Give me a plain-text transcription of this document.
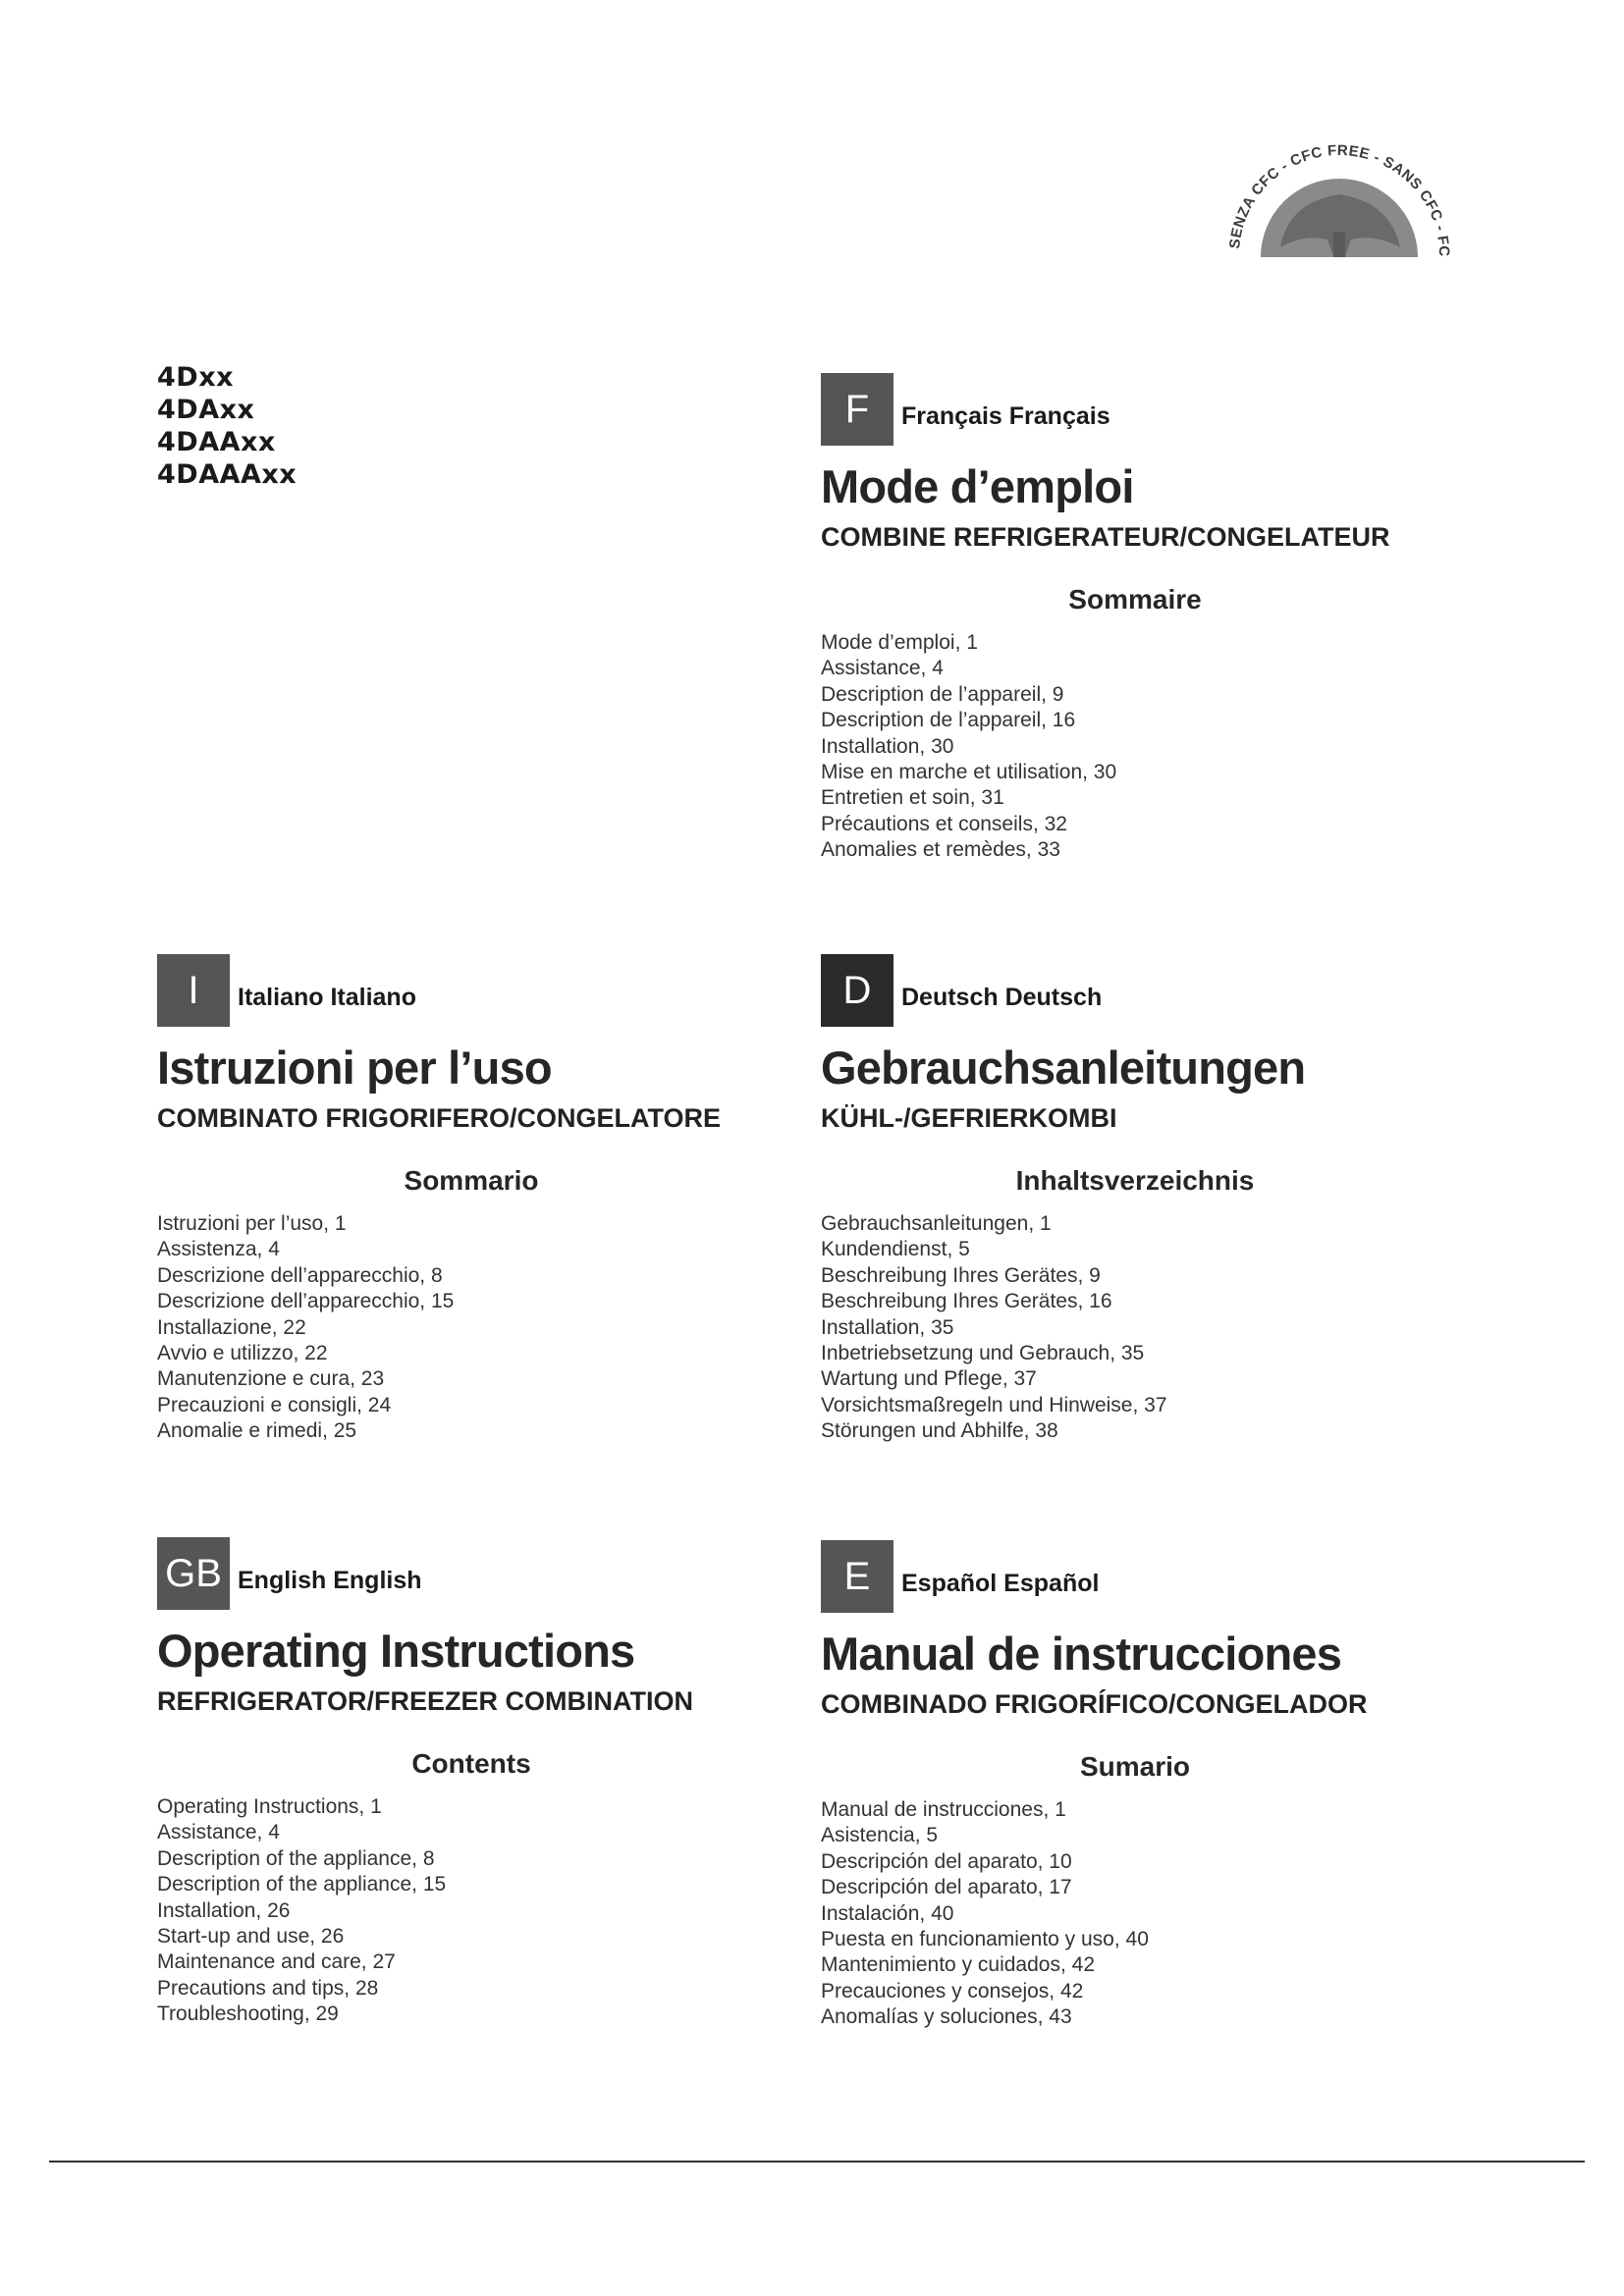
SENZA CFC - CFC FREE - SANS CFC - FC
4Dxx
4DAxx
4DAAxx
4DAAAxx
F	Français Français
Mode d’emploi
COMBINE REFRIGERATEUR/CONGELATEUR
Sommaire
Mode d’emploi, 1
Assistance, 4
Description de l’appareil, 9
Description de l’appareil, 16
Installation, 30
Mise en marche et utilisation, 30
Entretien et soin, 31
Précautions et conseils, 32
Anomalies et remèdes, 33
I	Italiano Italiano
Istruzioni per l’uso
COMBINATO FRIGORIFERO/CONGELATORE
Sommario
Istruzioni per l’uso, 1
Assistenza, 4
Descrizione dell’apparecchio, 8
Descrizione dell’apparecchio, 15
Installazione, 22
Avvio e utilizzo, 22
Manutenzione e cura, 23
Precauzioni e consigli, 24
Anomalie e rimedi, 25
D	Deutsch Deutsch
Gebrauchsanleitungen
KÜHL-/GEFRIERKOMBI
Inhaltsverzeichnis
Gebrauchsanleitungen, 1
Kundendienst, 5
Beschreibung Ihres Gerätes, 9
Beschreibung Ihres Gerätes, 16
Installation, 35
Inbetriebsetzung und Gebrauch, 35
Wartung und Pflege, 37
Vorsichtsmaßregeln und Hinweise, 37
Störungen und Abhilfe, 38
GB English English
Operating Instructions
REFRIGERATOR/FREEZER COMBINATION
Contents
Operating Instructions, 1
Assistance, 4
Description of the appliance, 8
Description of the appliance, 15
Installation, 26
Start-up and use, 26
Maintenance and care, 27
Precautions and tips, 28
Troubleshooting, 29
E	Español Español
Manual de instrucciones
COMBINADO FRIGORÍFICO/CONGELADOR
Sumario
Manual de instrucciones, 1
Asistencia, 5
Descripción del aparato, 10
Descripción del aparato, 17
Instalación, 40
Puesta en funcionamiento y uso, 40
Mantenimiento y cuidados, 42
Precauciones y consejos, 42
Anomalías y soluciones, 43
